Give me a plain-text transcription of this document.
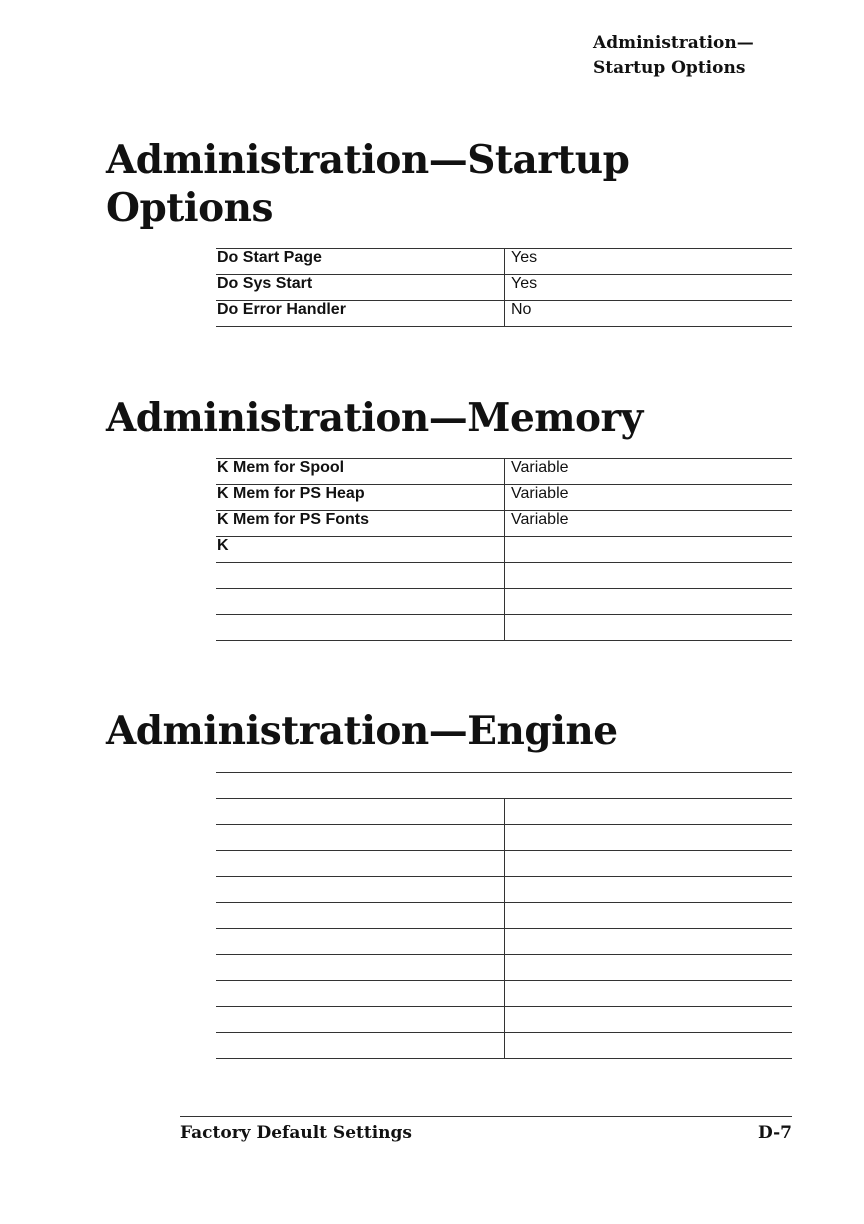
Administration—
Startup Options
Administration—Startup Options
Do Start Page	Yes
Do Sys Start	Yes
Do Error Handler	No
Administration—Memory
K Mem for Spool	Variable
K Mem for PS Heap	Variable
K Mem for PS Fonts	Variable
K	

Administration—Engine

Factory Default Settings	D-7
